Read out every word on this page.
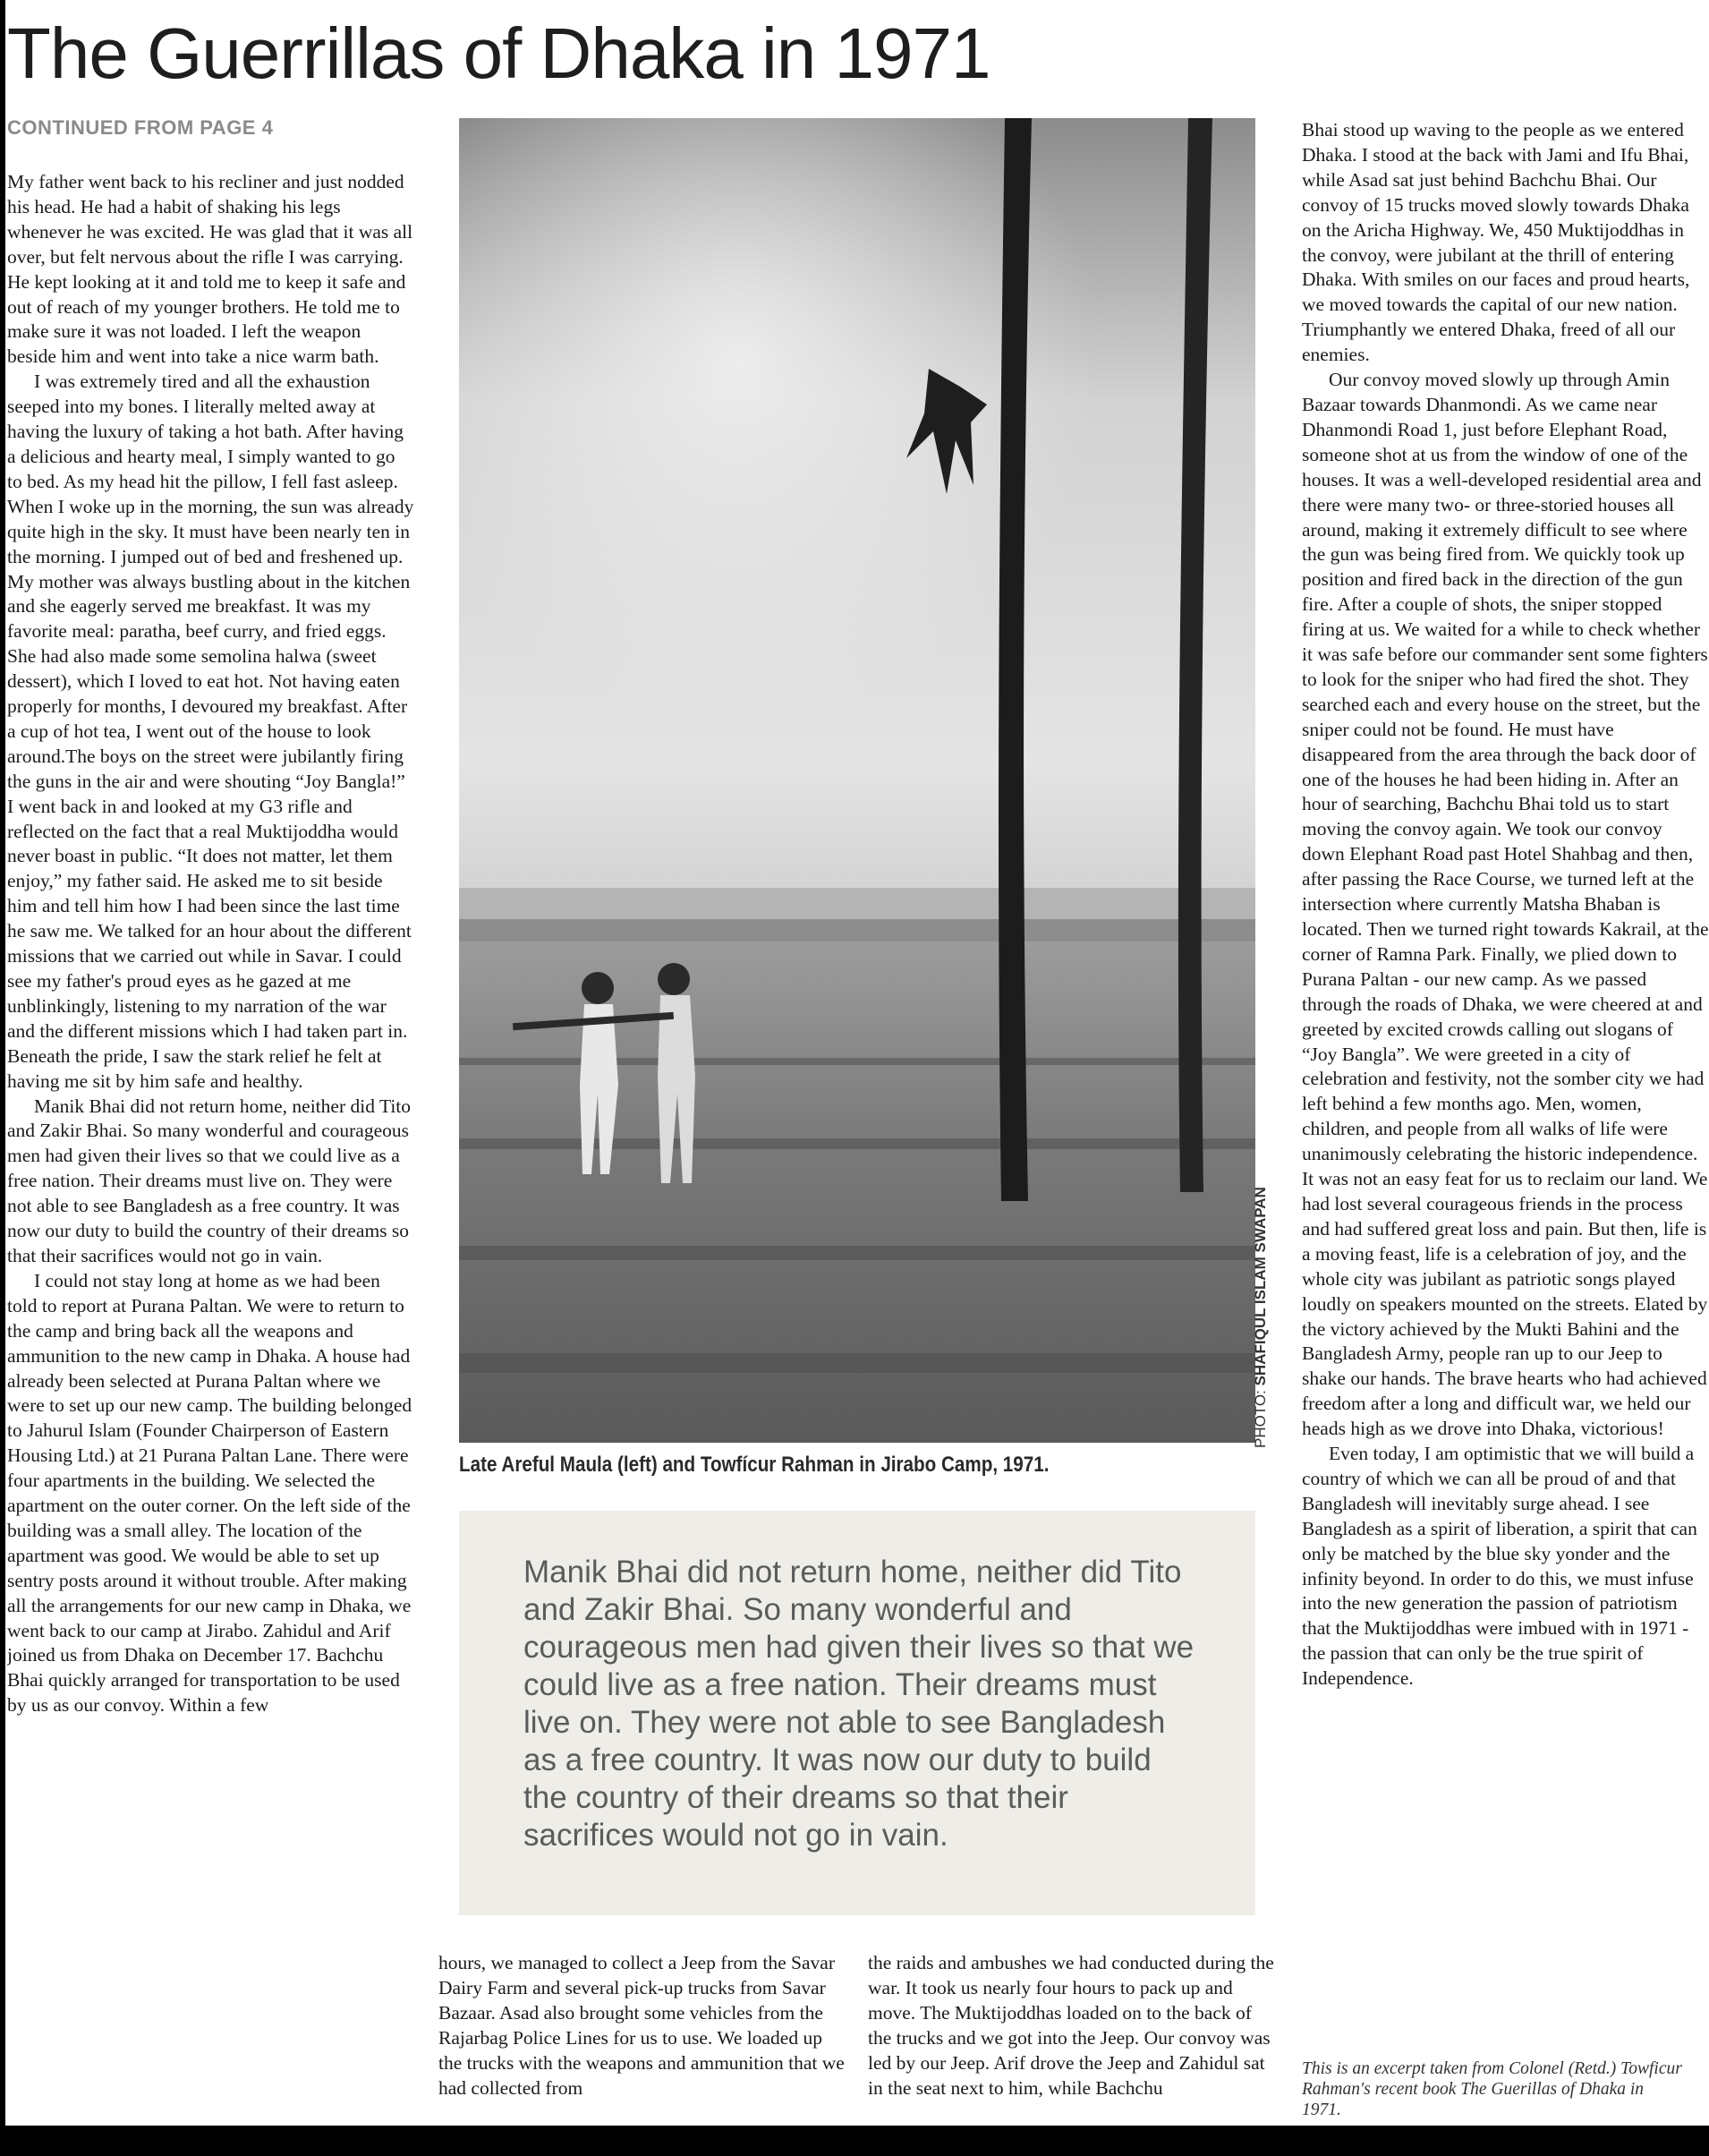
The Guerrillas of Dhaka in 1971
CONTINUED FROM PAGE 4

My father went back to his recliner and just nodded his head. He had a habit of shaking his legs whenever he was excited. He was glad that it was all over, but felt nervous about the rifle I was carrying. He kept looking at it and told me to keep it safe and out of reach of my younger brothers. He told me to make sure it was not loaded. I left the weapon beside him and went into take a nice warm bath.

I was extremely tired and all the exhaustion seeped into my bones. I literally melted away at having the luxury of taking a hot bath. After having a delicious and hearty meal, I simply wanted to go to bed. As my head hit the pillow, I fell fast asleep. When I woke up in the morning, the sun was already quite high in the sky. It must have been nearly ten in the morning. I jumped out of bed and freshened up. My mother was always bustling about in the kitchen and she eagerly served me breakfast. It was my favorite meal: paratha, beef curry, and fried eggs. She had also made some semolina halwa (sweet dessert), which I loved to eat hot. Not having eaten properly for months, I devoured my breakfast. After a cup of hot tea, I went out of the house to look around.The boys on the street were jubilantly firing the guns in the air and were shouting “Joy Bangla!” I went back in and looked at my G3 rifle and reflected on the fact that a real Muktijoddha would never boast in public. “It does not matter, let them enjoy,” my father said. He asked me to sit beside him and tell him how I had been since the last time he saw me. We talked for an hour about the different missions that we carried out while in Savar. I could see my father's proud eyes as he gazed at me unblinkingly, listening to my narration of the war and the different missions which I had taken part in. Beneath the pride, I saw the stark relief he felt at having me sit by him safe and healthy.

Manik Bhai did not return home, neither did Tito and Zakir Bhai. So many wonderful and courageous men had given their lives so that we could live as a free nation. Their dreams must live on. They were not able to see Bangladesh as a free country. It was now our duty to build the country of their dreams so that their sacrifices would not go in vain.

I could not stay long at home as we had been told to report at Purana Paltan. We were to return to the camp and bring back all the weapons and ammunition to the new camp in Dhaka. A house had already been selected at Purana Paltan where we were to set up our new camp. The building belonged to Jahurul Islam (Founder Chairperson of Eastern Housing Ltd.) at 21 Purana Paltan Lane. There were four apartments in the building. We selected the apartment on the outer corner. On the left side of the building was a small alley. The location of the apartment was good. We would be able to set up sentry posts around it without trouble. After making all the arrangements for our new camp in Dhaka, we went back to our camp at Jirabo. Zahidul and Arif joined us from Dhaka on December 17. Bachchu Bhai quickly arranged for transportation to be used by us as our convoy. Within a few

PHOTO: SHAFIQUL ISLAM SWAPAN
Late Areful Maula (left) and Towfícur Rahman in Jirabo Camp, 1971.

Manik Bhai did not return home, neither did Tito and Zakir Bhai. So many wonderful and courageous men had given their lives so that we could live as a free nation. Their dreams must live on. They were not able to see Bangladesh as a free country. It was now our duty to build the country of their dreams so that their sacrifices would not go in vain.

hours, we managed to collect a Jeep from the Savar Dairy Farm and several pick-up trucks from Savar Bazaar. Asad also brought some vehicles from the Rajarbag Police Lines for us to use. We loaded up the trucks with the weapons and ammunition that we had collected from

the raids and ambushes we had conducted during the war. It took us nearly four hours to pack up and move. The Muktijoddhas loaded on to the back of the trucks and we got into the Jeep. Our convoy was led by our Jeep. Arif drove the Jeep and Zahidul sat in the seat next to him, while Bachchu

Bhai stood up waving to the people as we entered Dhaka. I stood at the back with Jami and Ifu Bhai, while Asad sat just behind Bachchu Bhai. Our convoy of 15 trucks moved slowly towards Dhaka on the Aricha Highway. We, 450 Muktijoddhas in the convoy, were jubilant at the thrill of entering Dhaka. With smiles on our faces and proud hearts, we moved towards the capital of our new nation. Triumphantly we entered Dhaka, freed of all our enemies.

Our convoy moved slowly up through Amin Bazaar towards Dhanmondi. As we came near Dhanmondi Road 1, just before Elephant Road, someone shot at us from the window of one of the houses. It was a well-developed residential area and there were many two- or three-storied houses all around, making it extremely difficult to see where the gun was being fired from. We quickly took up position and fired back in the direction of the gun fire. After a couple of shots, the sniper stopped firing at us. We waited for a while to check whether it was safe before our commander sent some fighters to look for the sniper who had fired the shot. They searched each and every house on the street, but the sniper could not be found. He must have disappeared from the area through the back door of one of the houses he had been hiding in. After an hour of searching, Bachchu Bhai told us to start moving the convoy again. We took our convoy down Elephant Road past Hotel Shahbag and then, after passing the Race Course, we turned left at the intersection where currently Matsha Bhaban is located. Then we turned right towards Kakrail, at the corner of Ramna Park. Finally, we plied down to Purana Paltan - our new camp. As we passed through the roads of Dhaka, we were cheered at and greeted by excited crowds calling out slogans of “Joy Bangla”. We were greeted in a city of celebration and festivity, not the somber city we had left behind a few months ago. Men, women, children, and people from all walks of life were unanimously celebrating the historic independence. It was not an easy feat for us to reclaim our land. We had lost several courageous friends in the process and had suffered great loss and pain. But then, life is a moving feast, life is a celebration of joy, and the whole city was jubilant as patriotic songs played loudly on speakers mounted on the streets. Elated by the victory achieved by the Mukti Bahini and the Bangladesh Army, people ran up to our Jeep to shake our hands. The brave hearts who had achieved freedom after a long and difficult war, we held our heads high as we drove into Dhaka, victorious!

Even today, I am optimistic that we will build a country of which we can all be proud of and that Bangladesh will inevitably surge ahead. I see Bangladesh as a spirit of liberation, a spirit that can only be matched by the blue sky yonder and the infinity beyond. In order to do this, we must infuse into the new generation the passion of patriotism that the Muktijoddhas were imbued with in 1971 - the passion that can only be the true spirit of Independence.

This is an excerpt taken from Colonel (Retd.) Towficur Rahman's recent book The Guerillas of Dhaka in 1971.
